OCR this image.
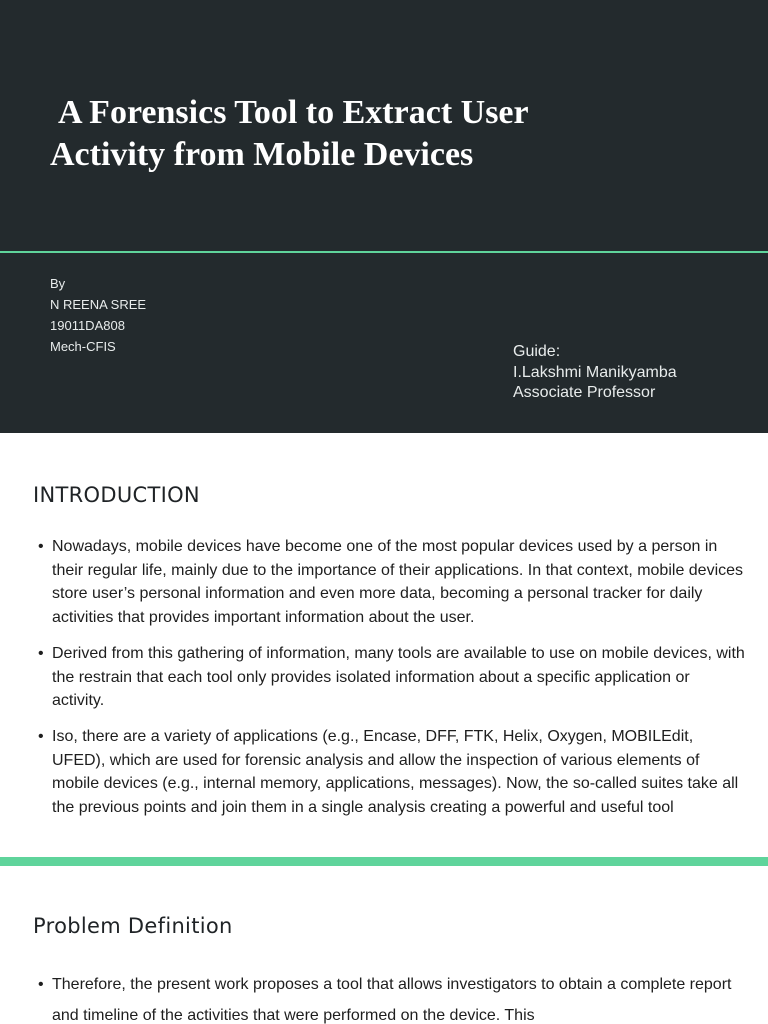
A Forensics Tool to Extract User
Activity from Mobile Devices
By
N REENA SREE
19011DA808
Mech-CFIS	Guide:
I.Lakshmi Manikyamba
Associate Professor
INTRODUCTION
• Nowadays, mobile devices have become one of the most popular devices used by a person in their regular life, mainly due to the importance of their applications. In that context, mobile devices store user’s personal information and even more data, becoming a personal tracker for daily activities that provides important information about the user.
• Derived from this gathering of information, many tools are available to use on mobile devices, with the restrain that each tool only provides isolated information about a specific application or activity.
• Iso, there are a variety of applications (e.g., Encase, DFF, FTK, Helix, Oxygen, MOBILEdit, UFED), which are used for forensic analysis and allow the inspection of various elements of mobile devices (e.g., internal memory, applications, messages). Now, the so-called suites take all the previous points and join them in a single analysis creating a powerful and useful tool
Problem Definition
• Therefore, the present work proposes a tool that allows investigators to obtain a complete report and timeline of the activities that were performed on the device. This
